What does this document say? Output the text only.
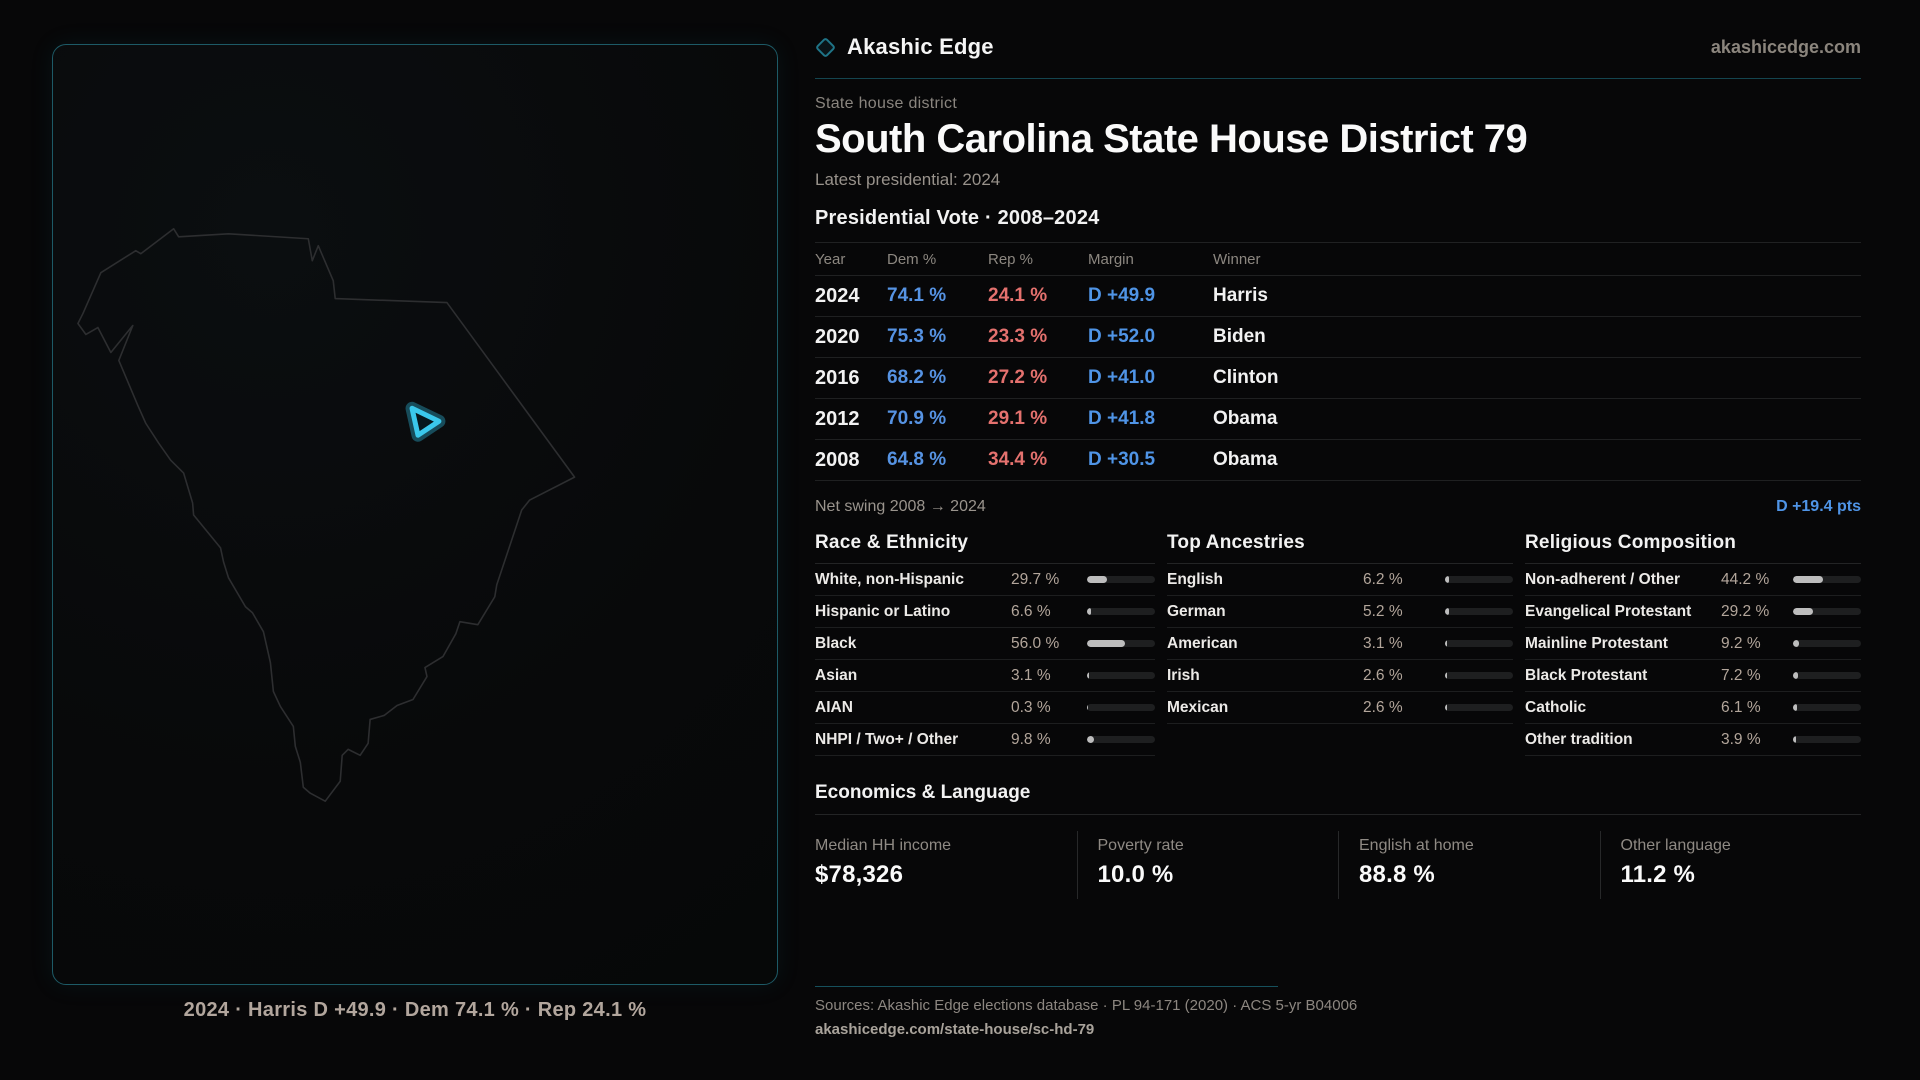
2024 · Harris D +49.9 · Dem 74.1 % · Rep 24.1 %
Akashic Edge	akashicedge.com
State house district
South Carolina State House District 79
Latest presidential: 2024
Presidential Vote · 2008–2024
Year	Dem %	Rep %	Margin	Winner
2024	74.1 %	24.1 %	D +49.9	Harris
2020	75.3 %	23.3 %	D +52.0	Biden
2016	68.2 %	27.2 %	D +41.0	Clinton
2012	70.9 %	29.1 %	D +41.8	Obama
2008	64.8 %	34.4 %	D +30.5	Obama
Net swing 2008 → 2024	D +19.4 pts
Race & Ethnicity
White, non-Hispanic	29.7 %
Hispanic or Latino	6.6 %
Black	56.0 %
Asian	3.1 %
AIAN	0.3 %
NHPI / Two+ / Other	9.8 %
Top Ancestries
English	6.2 %
German	5.2 %
American	3.1 %
Irish	2.6 %
Mexican	2.6 %
Religious Composition
Non-adherent / Other	44.2 %
Evangelical Protestant	29.2 %
Mainline Protestant	9.2 %
Black Protestant	7.2 %
Catholic	6.1 %
Other tradition	3.9 %
Economics & Language
Median HH income
$78,326
Poverty rate
10.0 %
English at home
88.8 %
Other language
11.2 %
Sources: Akashic Edge elections database · PL 94-171 (2020) · ACS 5-yr B04006
akashicedge.com/state-house/sc-hd-79
